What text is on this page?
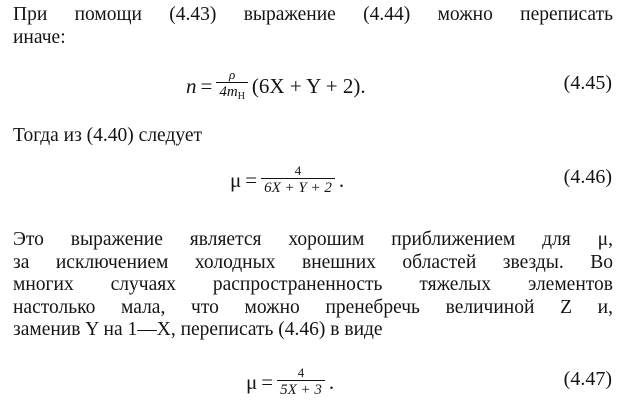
При помощи (4.43) выражение (4.44) можно переписать
иначе:
$n = \frac{\rho}{4m_H} (6X + Y + 2)$.	(4.45)
Тогда из (4.40) следует
$\mu = \frac{4}{6X + Y + 2}$ .	(4.46)
Это выражение является хорошим приближением для μ,
за исключением холодных внешних областей звезды. Во
многих случаях распространенность тяжелых элементов
настолько мала, что можно пренебречь величиной Z и,
заменив Y на 1—X, переписать (4.46) в виде
$\mu = \frac{4}{5X + 3}$ .	(4.47)
